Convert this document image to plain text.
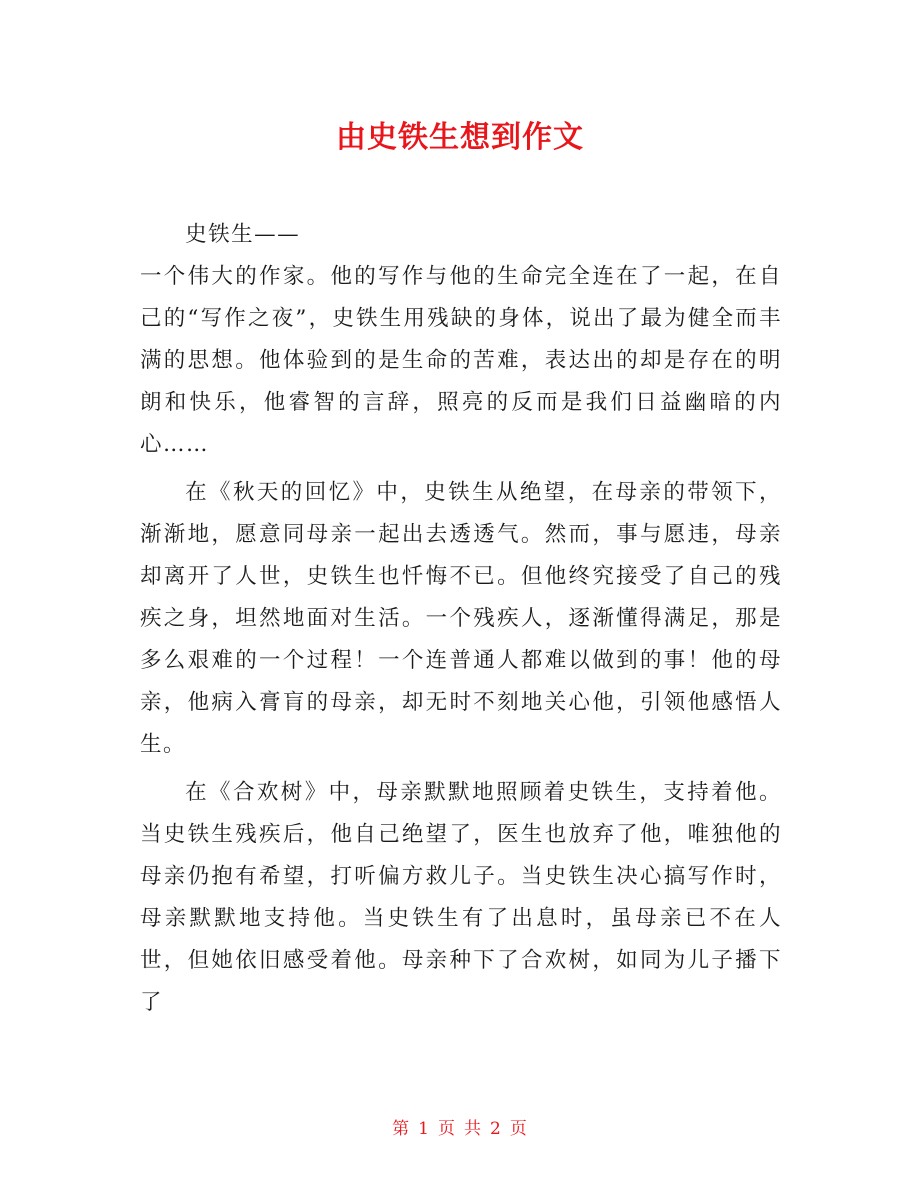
由史铁生想到作文

史铁生——

一个伟大的作家。他的写作与他的生命完全连在了一起，在自己的“写作之夜”，史铁生用残缺的身体，说出了最为健全而丰满的思想。他体验到的是生命的苦难，表达出的却是存在的明朗和快乐，他睿智的言辞，照亮的反而是我们日益幽暗的内心……

在《秋天的回忆》中，史铁生从绝望，在母亲的带领下，渐渐地，愿意同母亲一起出去透透气。然而，事与愿违，母亲却离开了人世，史铁生也忏悔不已。但他终究接受了自己的残疾之身，坦然地面对生活。一个残疾人，逐渐懂得满足，那是多么艰难的一个过程！一个连普通人都难以做到的事！他的母亲，他病入膏肓的母亲，却无时不刻地关心他，引领他感悟人生。

在《合欢树》中，母亲默默地照顾着史铁生，支持着他。当史铁生残疾后，他自己绝望了，医生也放弃了他，唯独他的母亲仍抱有希望，打听偏方救儿子。当史铁生决心搞写作时，母亲默默地支持他。当史铁生有了出息时，虽母亲已不在人世，但她依旧感受着他。母亲种下了合欢树，如同为儿子播下了

第 1 页 共 2 页
